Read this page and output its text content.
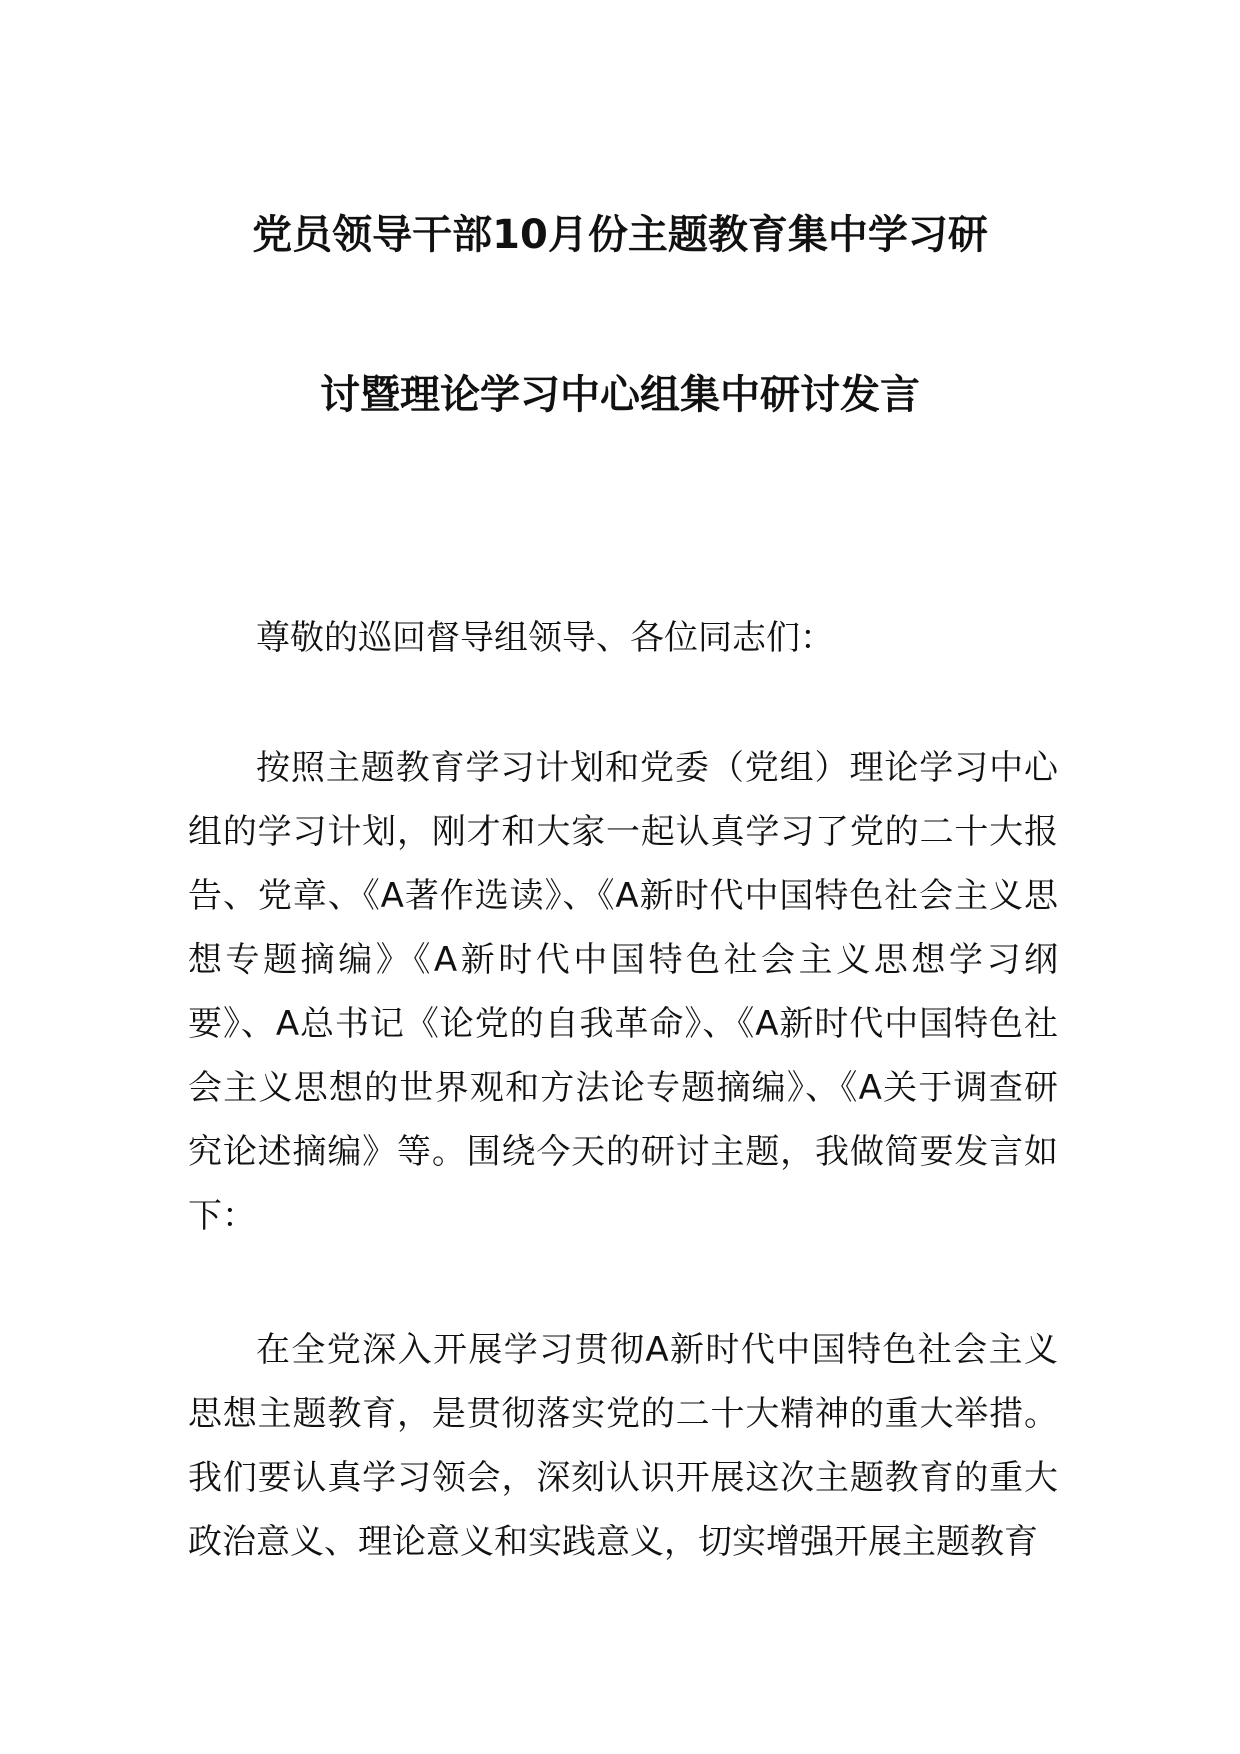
党员领导干部10月份主题教育集中学习研
讨暨理论学习中心组集中研讨发言
尊敬的巡回督导组领导、各位同志们：

按照主题教育学习计划和党委（党组）理论学习中心组的学习计划，刚才和大家一起认真学习了党的二十大报告、党章、《A著作选读》、《A新时代中国特色社会主义思想专题摘编》《A新时代中国特色社会主义思想学习纲要》、A总书记《论党的自我革命》、《A新时代中国特色社会主义思想的世界观和方法论专题摘编》、《A关于调查研究论述摘编》等。围绕今天的研讨主题，我做简要发言如下：

在全党深入开展学习贯彻A新时代中国特色社会主义思想主题教育，是贯彻落实党的二十大精神的重大举措。我们要认真学习领会，深刻认识开展这次主题教育的重大政治意义、理论意义和实践意义，切实增强开展主题教育
